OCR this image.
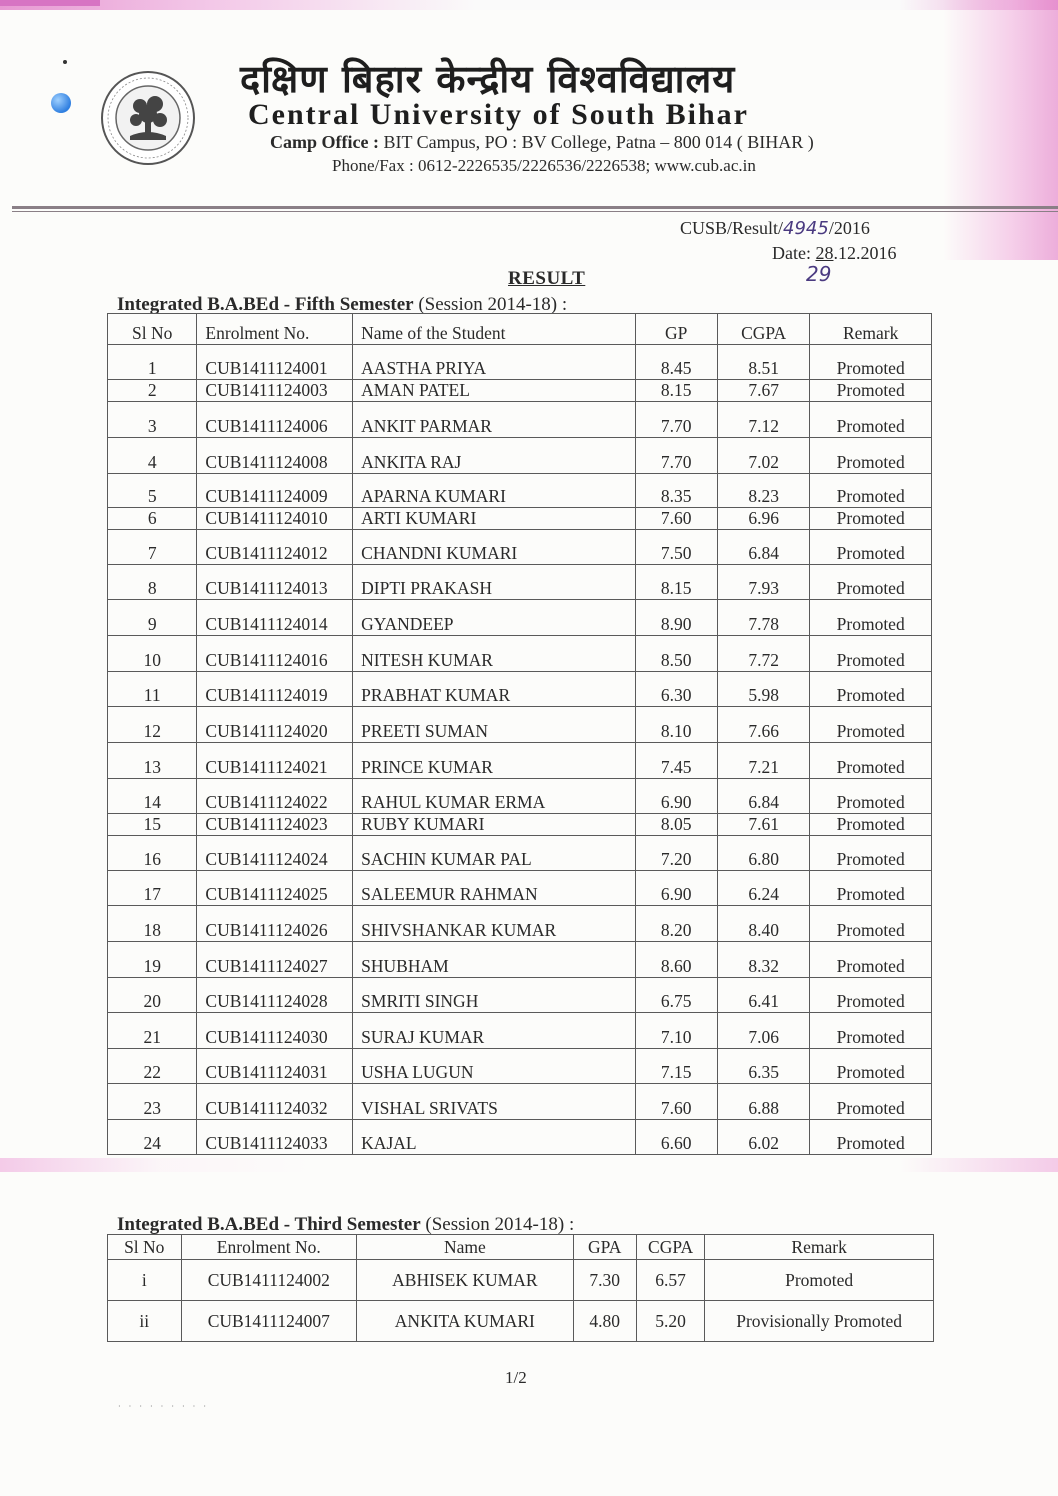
दक्षिण बिहार केन्द्रीय विश्वविद्यालय
Central University of South Bihar
Camp Office : BIT Campus, PO : BV College, Patna – 800 014 ( BIHAR )
Phone/Fax : 0612-2226535/2226536/2226538; www.cub.ac.in
CUSB/Result/4945/2016
Date: 28.12.2016
29
RESULT
Integrated B.A.BEd - Fifth Semester (Session 2014-18) :
Sl No	Enrolment No.	Name of the Student	GP	CGPA	Remark
1	CUB1411124001	AASTHA PRIYA	8.45	8.51	Promoted
2	CUB1411124003	AMAN PATEL	8.15	7.67	Promoted
3	CUB1411124006	ANKIT PARMAR	7.70	7.12	Promoted
4	CUB1411124008	ANKITA RAJ	7.70	7.02	Promoted
5	CUB1411124009	APARNA KUMARI	8.35	8.23	Promoted
6	CUB1411124010	ARTI KUMARI	7.60	6.96	Promoted
7	CUB1411124012	CHANDNI KUMARI	7.50	6.84	Promoted
8	CUB1411124013	DIPTI PRAKASH	8.15	7.93	Promoted
9	CUB1411124014	GYANDEEP	8.90	7.78	Promoted
10	CUB1411124016	NITESH KUMAR	8.50	7.72	Promoted
11	CUB1411124019	PRABHAT KUMAR	6.30	5.98	Promoted
12	CUB1411124020	PREETI SUMAN	8.10	7.66	Promoted
13	CUB1411124021	PRINCE KUMAR	7.45	7.21	Promoted
14	CUB1411124022	RAHUL KUMAR ERMA	6.90	6.84	Promoted
15	CUB1411124023	RUBY KUMARI	8.05	7.61	Promoted
16	CUB1411124024	SACHIN KUMAR PAL	7.20	6.80	Promoted
17	CUB1411124025	SALEEMUR RAHMAN	6.90	6.24	Promoted
18	CUB1411124026	SHIVSHANKAR KUMAR	8.20	8.40	Promoted
19	CUB1411124027	SHUBHAM	8.60	8.32	Promoted
20	CUB1411124028	SMRITI SINGH	6.75	6.41	Promoted
21	CUB1411124030	SURAJ KUMAR	7.10	7.06	Promoted
22	CUB1411124031	USHA LUGUN	7.15	6.35	Promoted
23	CUB1411124032	VISHAL SRIVATS	7.60	6.88	Promoted
24	CUB1411124033	KAJAL	6.60	6.02	Promoted
Integrated B.A.BEd - Third Semester (Session 2014-18) :
Sl No	Enrolment No.	Name	GPA	CGPA	Remark
i	CUB1411124002	ABHISEK KUMAR	7.30	6.57	Promoted
ii	CUB1411124007	ANKITA KUMARI	4.80	5.20	Provisionally Promoted
1/2
· · · · · · · · ·
